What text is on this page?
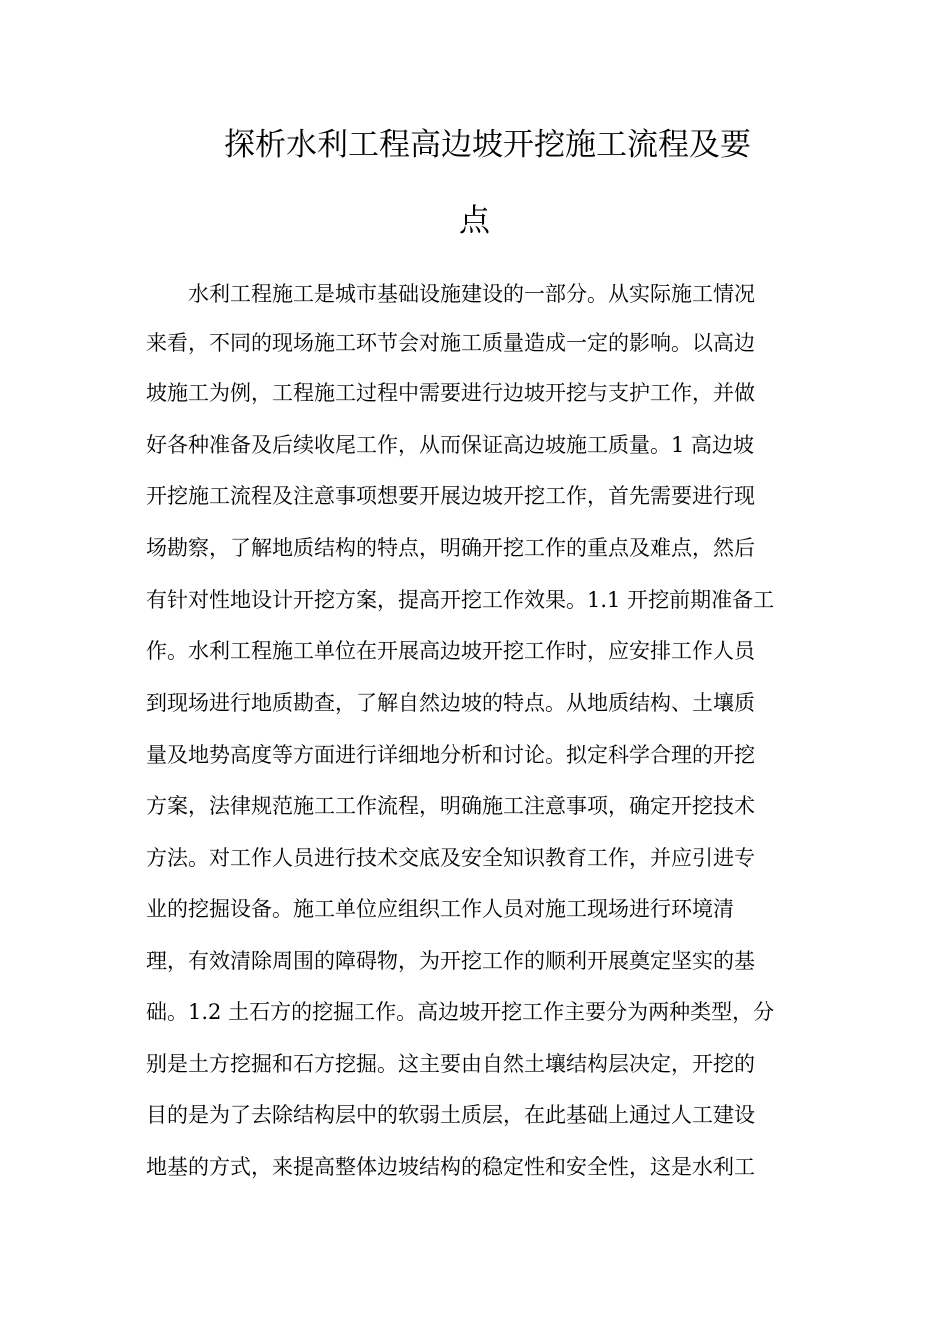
探析水利工程高边坡开挖施工流程及要
点
水利工程施工是城市基础设施建设的一部分。从实际施工情况
来看，不同的现场施工环节会对施工质量造成一定的影响。以高边
坡施工为例，工程施工过程中需要进行边坡开挖与支护工作，并做
好各种准备及后续收尾工作，从而保证高边坡施工质量。1 高边坡
开挖施工流程及注意事项想要开展边坡开挖工作，首先需要进行现
场勘察，了解地质结构的特点，明确开挖工作的重点及难点，然后
有针对性地设计开挖方案，提高开挖工作效果。1.1 开挖前期准备工
作。水利工程施工单位在开展高边坡开挖工作时，应安排工作人员
到现场进行地质勘查，了解自然边坡的特点。从地质结构、土壤质
量及地势高度等方面进行详细地分析和讨论。拟定科学合理的开挖
方案，法律规范施工工作流程，明确施工注意事项，确定开挖技术
方法。对工作人员进行技术交底及安全知识教育工作，并应引进专
业的挖掘设备。施工单位应组织工作人员对施工现场进行环境清
理，有效清除周围的障碍物，为开挖工作的顺利开展奠定坚实的基
础。1.2 土石方的挖掘工作。高边坡开挖工作主要分为两种类型，分
别是土方挖掘和石方挖掘。这主要由自然土壤结构层决定，开挖的
目的是为了去除结构层中的软弱土质层，在此基础上通过人工建设
地基的方式，来提高整体边坡结构的稳定性和安全性，这是水利工
